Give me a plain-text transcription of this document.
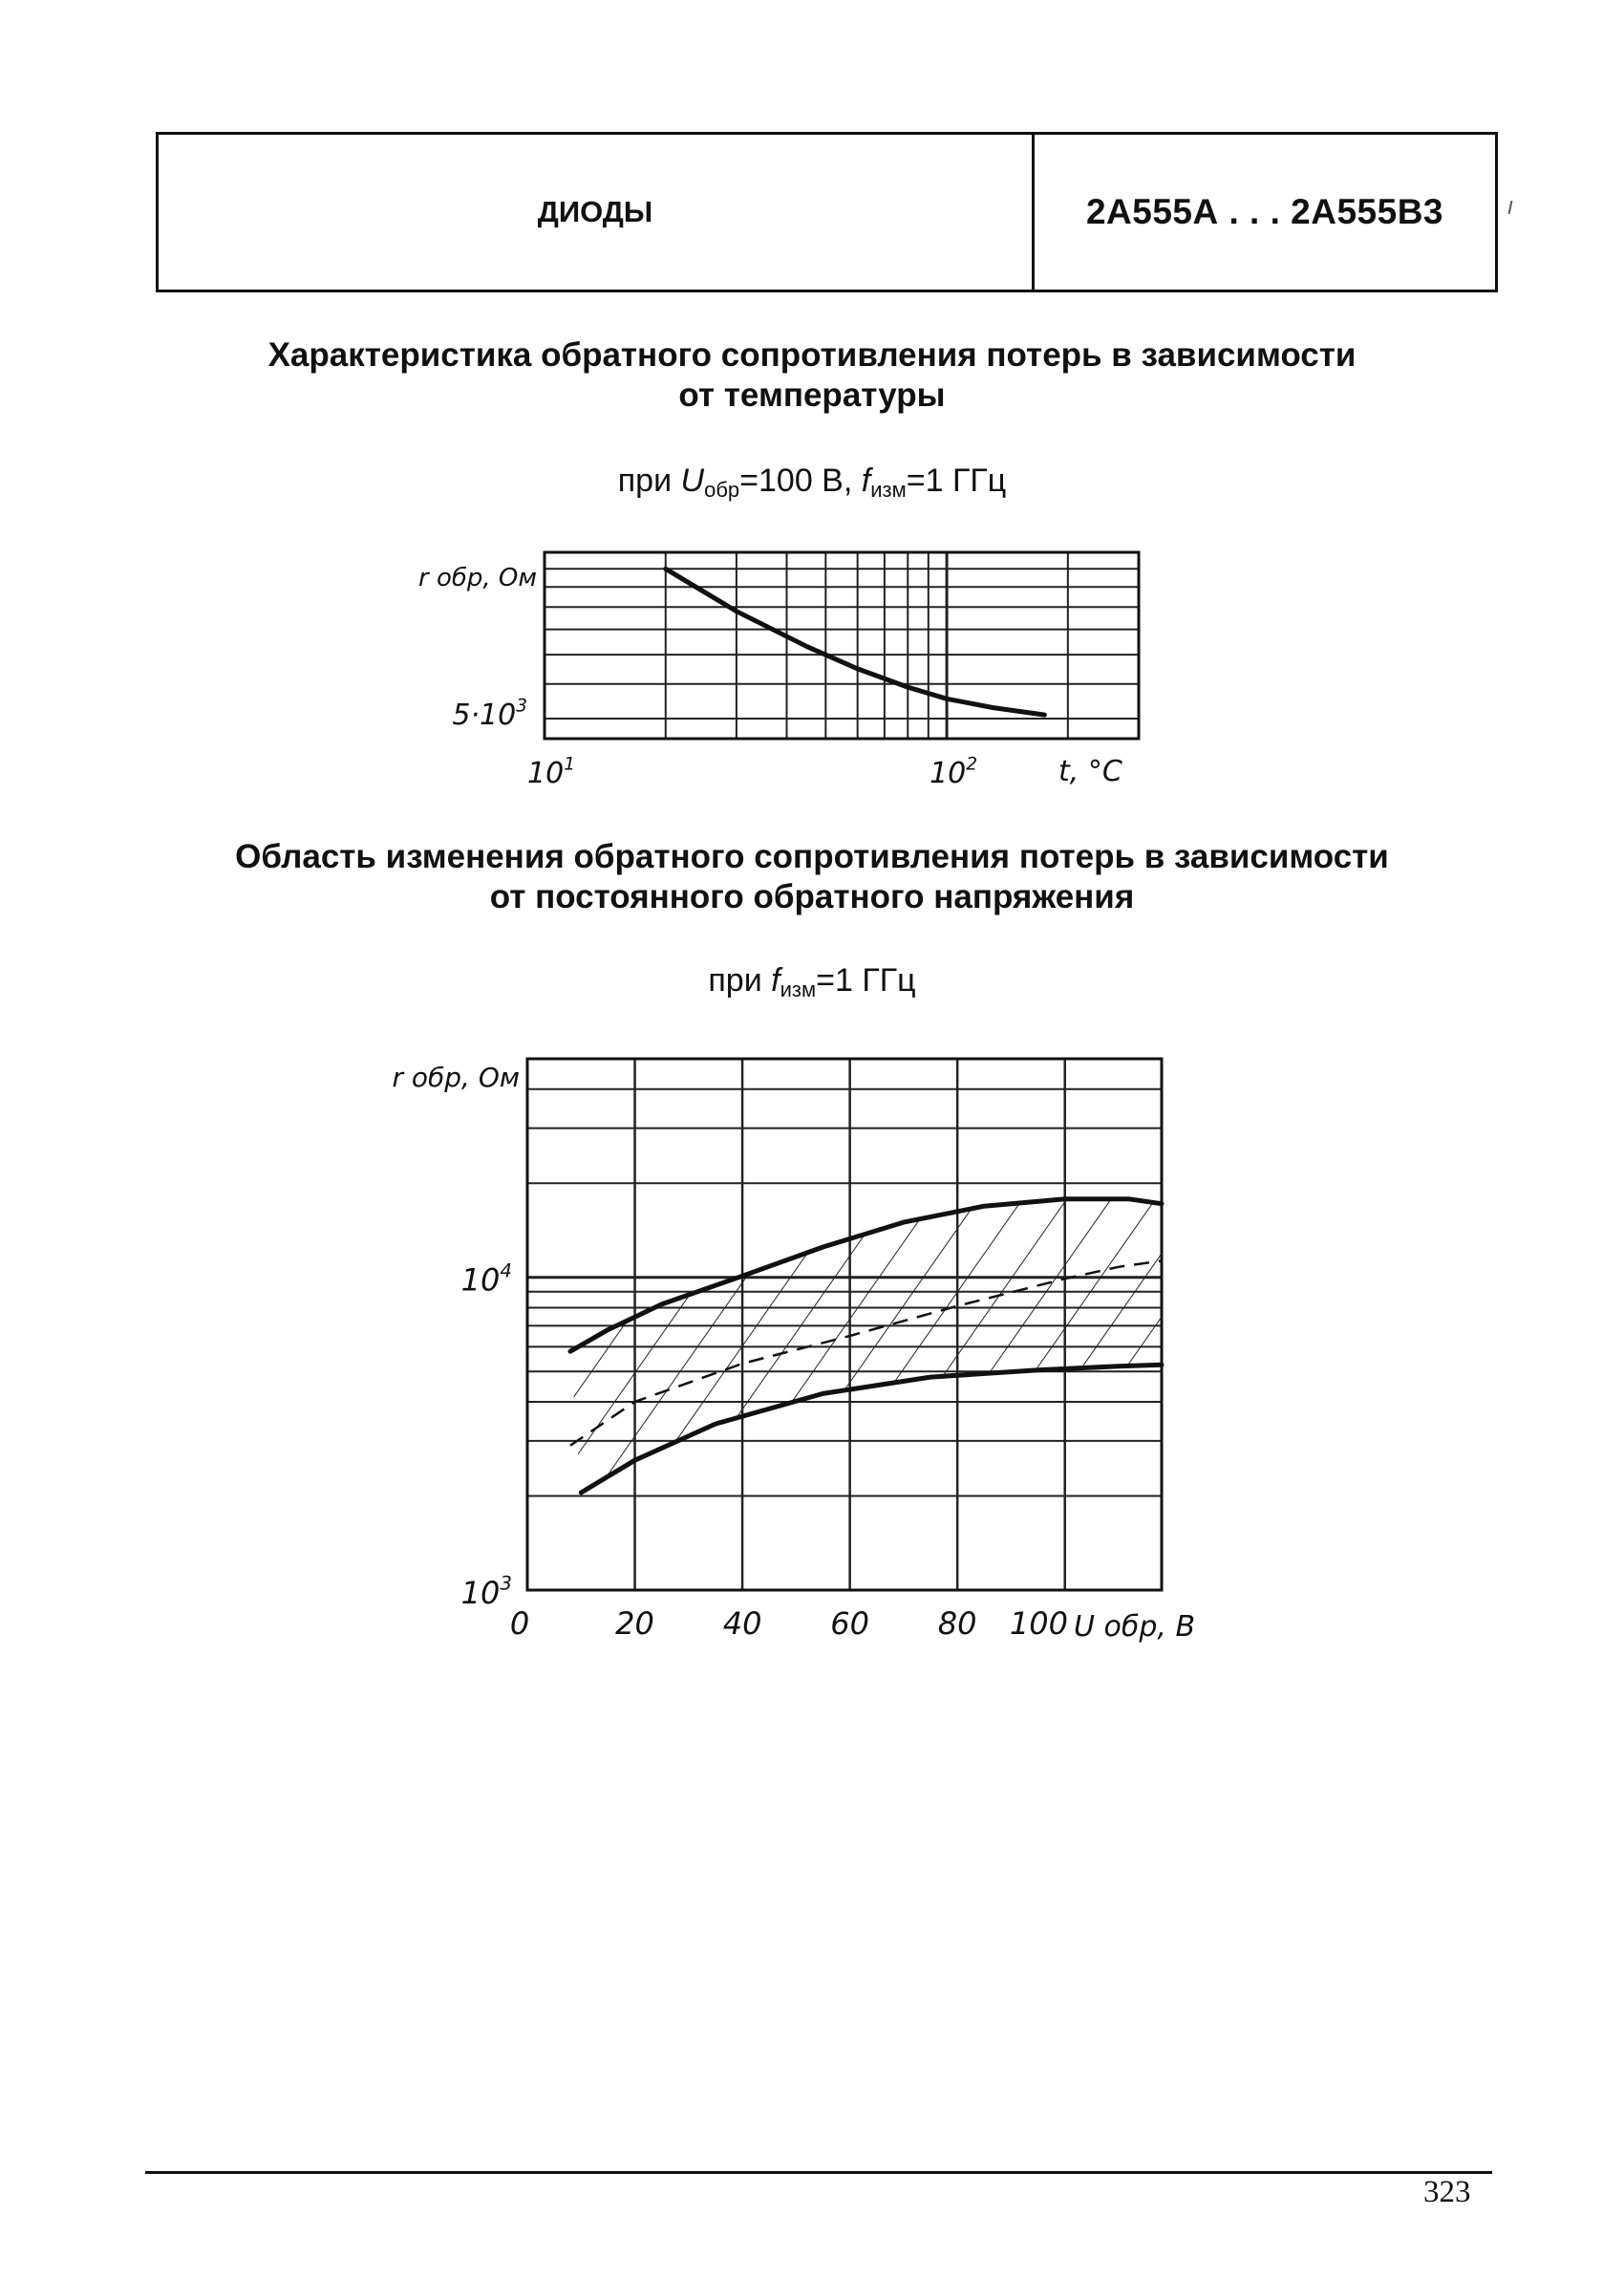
ДИОДЫ	2А555А . . . 2А555В3
Характеристика обратного сопротивления потерь в зависимости
от температуры
при $U_{обр}=100$ В, $f_{изм}=1$ ГГц
Область изменения обратного сопротивления потерь в зависимости
от постоянного обратного напряжения
при $f_{изм}=1$ ГГц
r обр, Ом
t, °C
$10^1$	$10^2$
$5\cdot 10^3$
r обр, Ом
U обр, В
0	20 40 60 80 100
$10^4$
$10^3$
323
